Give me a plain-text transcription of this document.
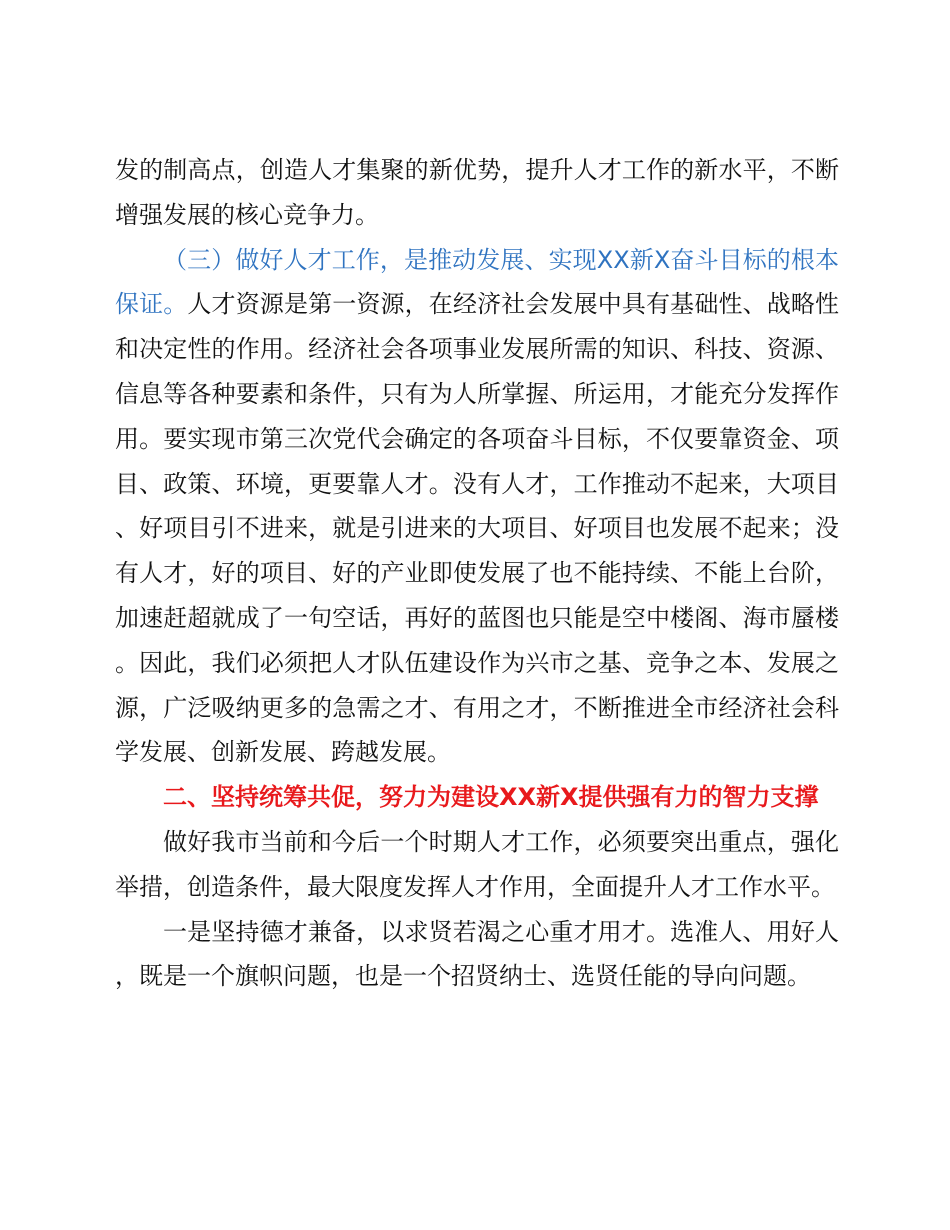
发的制高点，创造人才集聚的新优势，提升人才工作的新水平，不断增强发展的核心竞争力。

（三）做好人才工作，是推动发展、实现XX新X奋斗目标的根本保证。人才资源是第一资源，在经济社会发展中具有基础性、战略性和决定性的作用。经济社会各项事业发展所需的知识、科技、资源、信息等各种要素和条件，只有为人所掌握、所运用，才能充分发挥作用。要实现市第三次党代会确定的各项奋斗目标，不仅要靠资金、项目、政策、环境，更要靠人才。没有人才，工作推动不起来，大项目、好项目引不进来，就是引进来的大项目、好项目也发展不起来；没有人才，好的项目、好的产业即使发展了也不能持续、不能上台阶，加速赶超就成了一句空话，再好的蓝图也只能是空中楼阁、海市蜃楼。因此，我们必须把人才队伍建设作为兴市之基、竞争之本、发展之源，广泛吸纳更多的急需之才、有用之才，不断推进全市经济社会科学发展、创新发展、跨越发展。

二、坚持统筹共促，努力为建设XX新X提供强有力的智力支撑

做好我市当前和今后一个时期人才工作，必须要突出重点，强化举措，创造条件，最大限度发挥人才作用，全面提升人才工作水平。

一是坚持德才兼备，以求贤若渴之心重才用才。选准人、用好人，既是一个旗帜问题，也是一个招贤纳士、选贤任能的导向问题。
